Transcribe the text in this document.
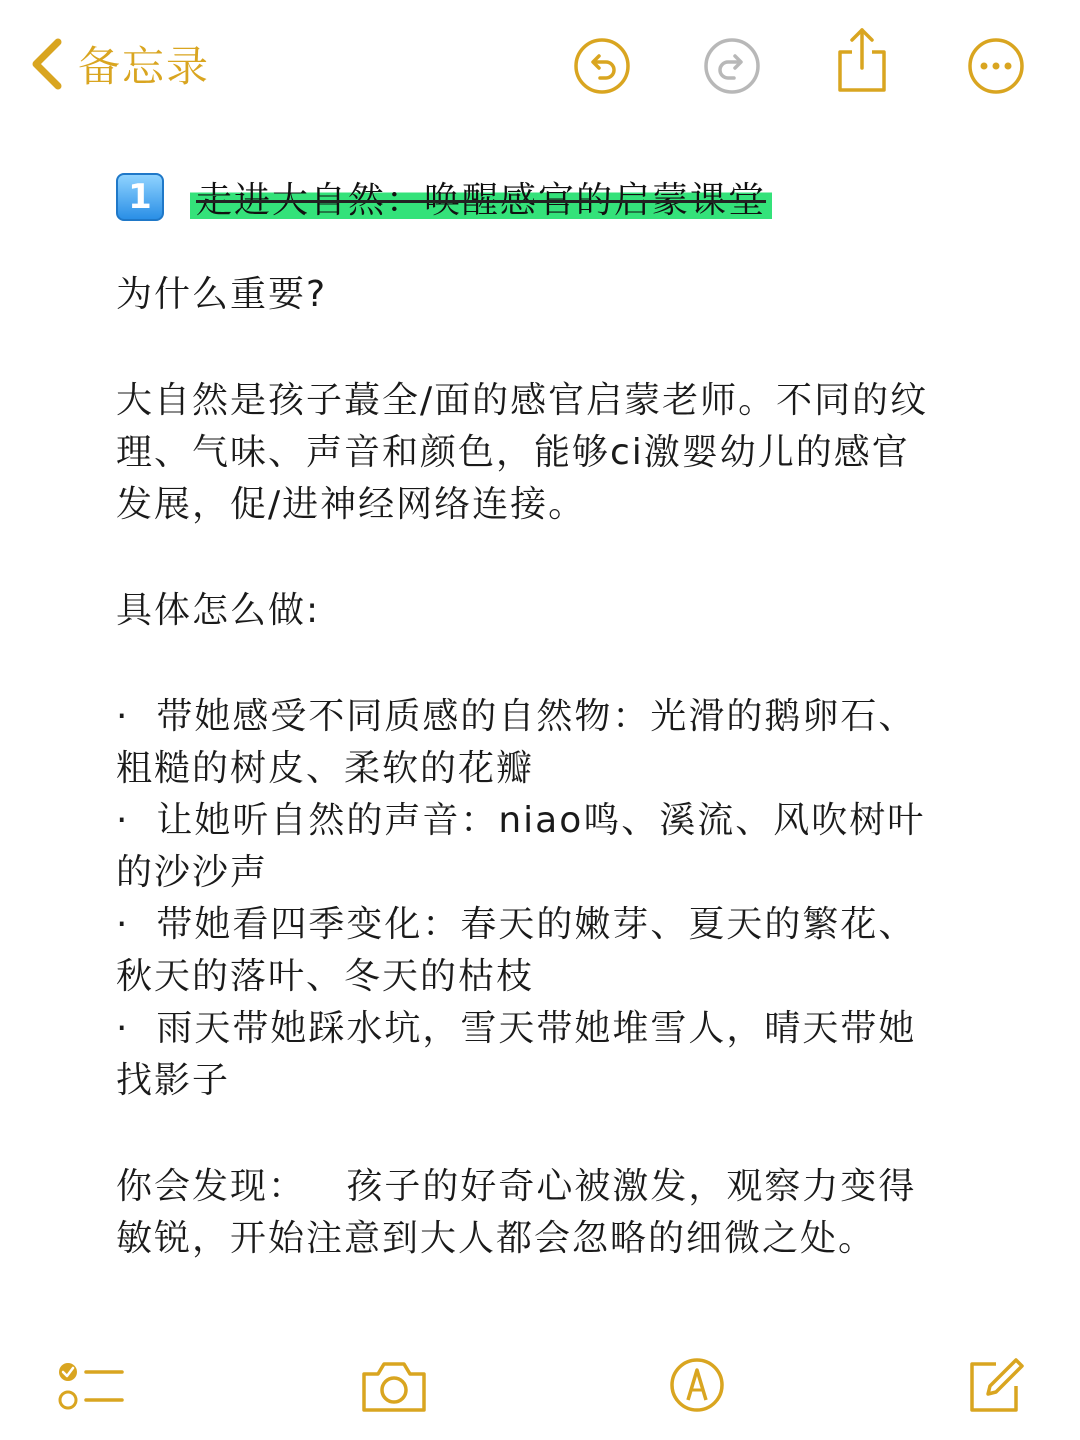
备忘录
1	走进大自然：唤醒感官的启蒙课堂

为什么重要?

大自然是孩子蕞全/面的感官启蒙老师。不同的纹理、气味、声音和颜色，能够ci激婴幼儿的感官发展，促/进神经网络连接。

具体怎么做:

·  带她感受不同质感的自然物：光滑的鹅卵石、粗糙的树皮、柔软的花瓣

·  让她听自然的声音：niao鸣、溪流、风吹树叶的沙沙声

·  带她看四季变化：春天的嫩芽、夏天的繁花、秋天的落叶、冬天的枯枝

·  雨天带她踩水坑，雪天带她堆雪人，晴天带她找影子

你会发现：   孩子的好奇心被激发，观察力变得敏锐，开始注意到大人都会忽略的细微之处。
